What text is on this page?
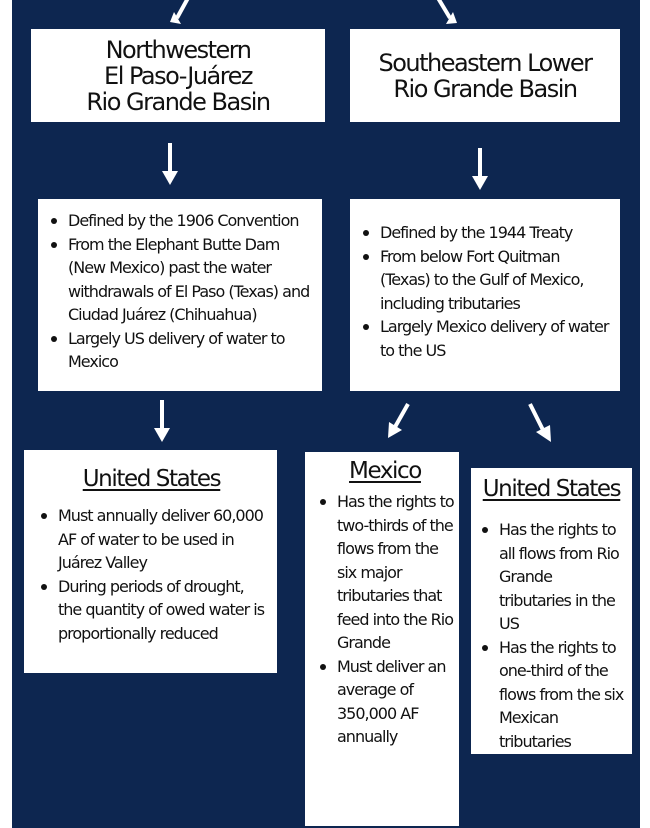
Northwestern
El Paso-Juárez
Rio Grande Basin
Southeastern Lower
Rio Grande Basin
Defined by the 1906 Convention
From the Elephant Butte Dam (New Mexico) past the water withdrawals of El Paso (Texas) and Ciudad Juárez (Chihuahua)
Largely US delivery of water to Mexico
Defined by the 1944 Treaty
From below Fort Quitman (Texas) to the Gulf of Mexico, including tributaries
Largely Mexico delivery of water to the US
United States
Must annually deliver 60,000 AF of water to be used in Juárez Valley
During periods of drought, the quantity of owed water is proportionally reduced
Mexico
Has the rights to two-thirds of the flows from the six major tributaries that feed into the Rio Grande
Must deliver an average of 350,000 AF annually
United States
Has the rights to all flows from Rio Grande tributaries in the US
Has the rights to one-third of the flows from the six Mexican tributaries
